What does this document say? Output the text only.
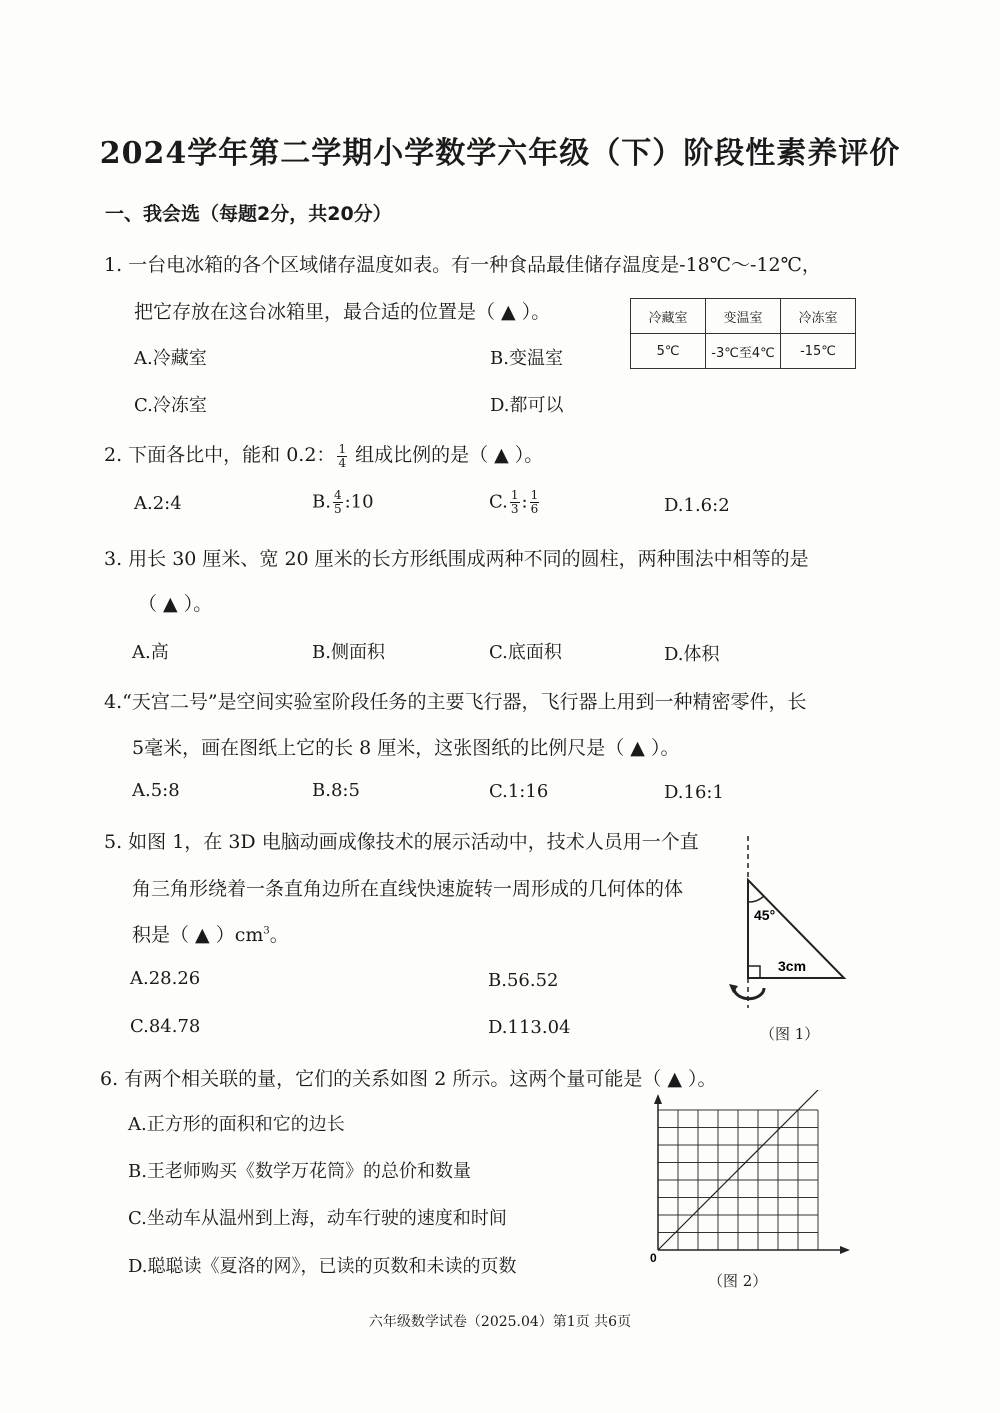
2024学年第二学期小学数学六年级（下）阶段性素养评价
一、我会选（每题2分，共20分）
1. 一台电冰箱的各个区域储存温度如表。有一种食品最佳储存温度是-18℃～-12℃，
把它存放在这台冰箱里，最合适的位置是（ ▲ ）。	冷藏室	变温室	冷冻室
5℃	-3℃至4℃	-15℃
A.冷藏室	B.变温室
C.冷冻室	D.都可以
2. 下面各比中，能和 0.2： $\frac{1}{4}$ 组成比例的是（ ▲ ）。
A.2:4	B. $\frac{4}{5}$ :10	C. $\frac{1}{3}$ : $\frac{1}{6}$	D.1.6:2
3. 用长 30 厘米、宽 20 厘米的长方形纸围成两种不同的圆柱，两种围法中相等的是
（ ▲ ）。
A.高	B.侧面积	C.底面积	D.体积
4.“天宫二号”是空间实验室阶段任务的主要飞行器，飞行器上用到一种精密零件，长
5毫米，画在图纸上它的长 8 厘米，这张图纸的比例尺是（ ▲ ）。
A.5:8	B.8:5	C.1:16	D.16:1
5. 如图 1，在 3D 电脑动画成像技术的展示活动中，技术人员用一个直
角三角形绕着一条直角边所在直线快速旋转一周形成的几何体的体
积是（ ▲ ）$cm^3$。
A.28.26	B.56.52
C.84.78	D.113.04
45°
3cm
（图 1）
6. 有两个相关联的量，它们的关系如图 2 所示。这两个量可能是（ ▲ ）。
A.正方形的面积和它的边长
B.王老师购买《数学万花筒》的总价和数量
C.坐动车从温州到上海，动车行驶的速度和时间
D.聪聪读《夏洛的网》，已读的页数和未读的页数	0
（图 2）
六年级数学试卷（2025.04）第1页 共6页
